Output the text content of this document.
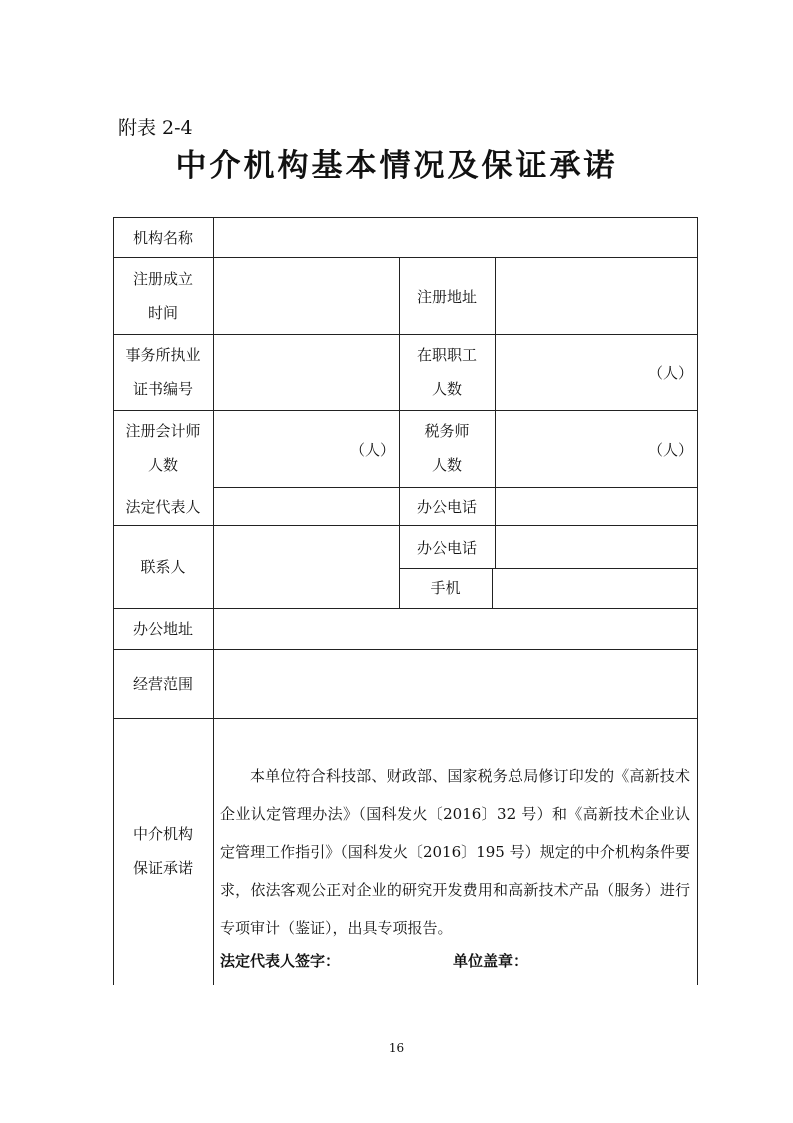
附表 2-4
中介机构基本情况及保证承诺
机构名称
注册成立
时间
注册地址
事务所执业
证书编号
在职职工
人数
（人）
注册会计师
人数
（人）
税务师
人数
（人）
法定代表人	办公电话
联系人
办公电话
手机
办公地址
经营范围
中介机构
保证承诺
本单位符合科技部、财政部、国家税务总局修订印发的《高新技术企业认定管理办法》（国科发火〔2016〕32 号）和《高新技术企业认定管理工作指引》（国科发火〔2016〕195 号）规定的中介机构条件要求，依法客观公正对企业的研究开发费用和高新技术产品（服务）进行专项审计（鉴证），出具专项报告。
法定代表人签字：	单位盖章：
16
